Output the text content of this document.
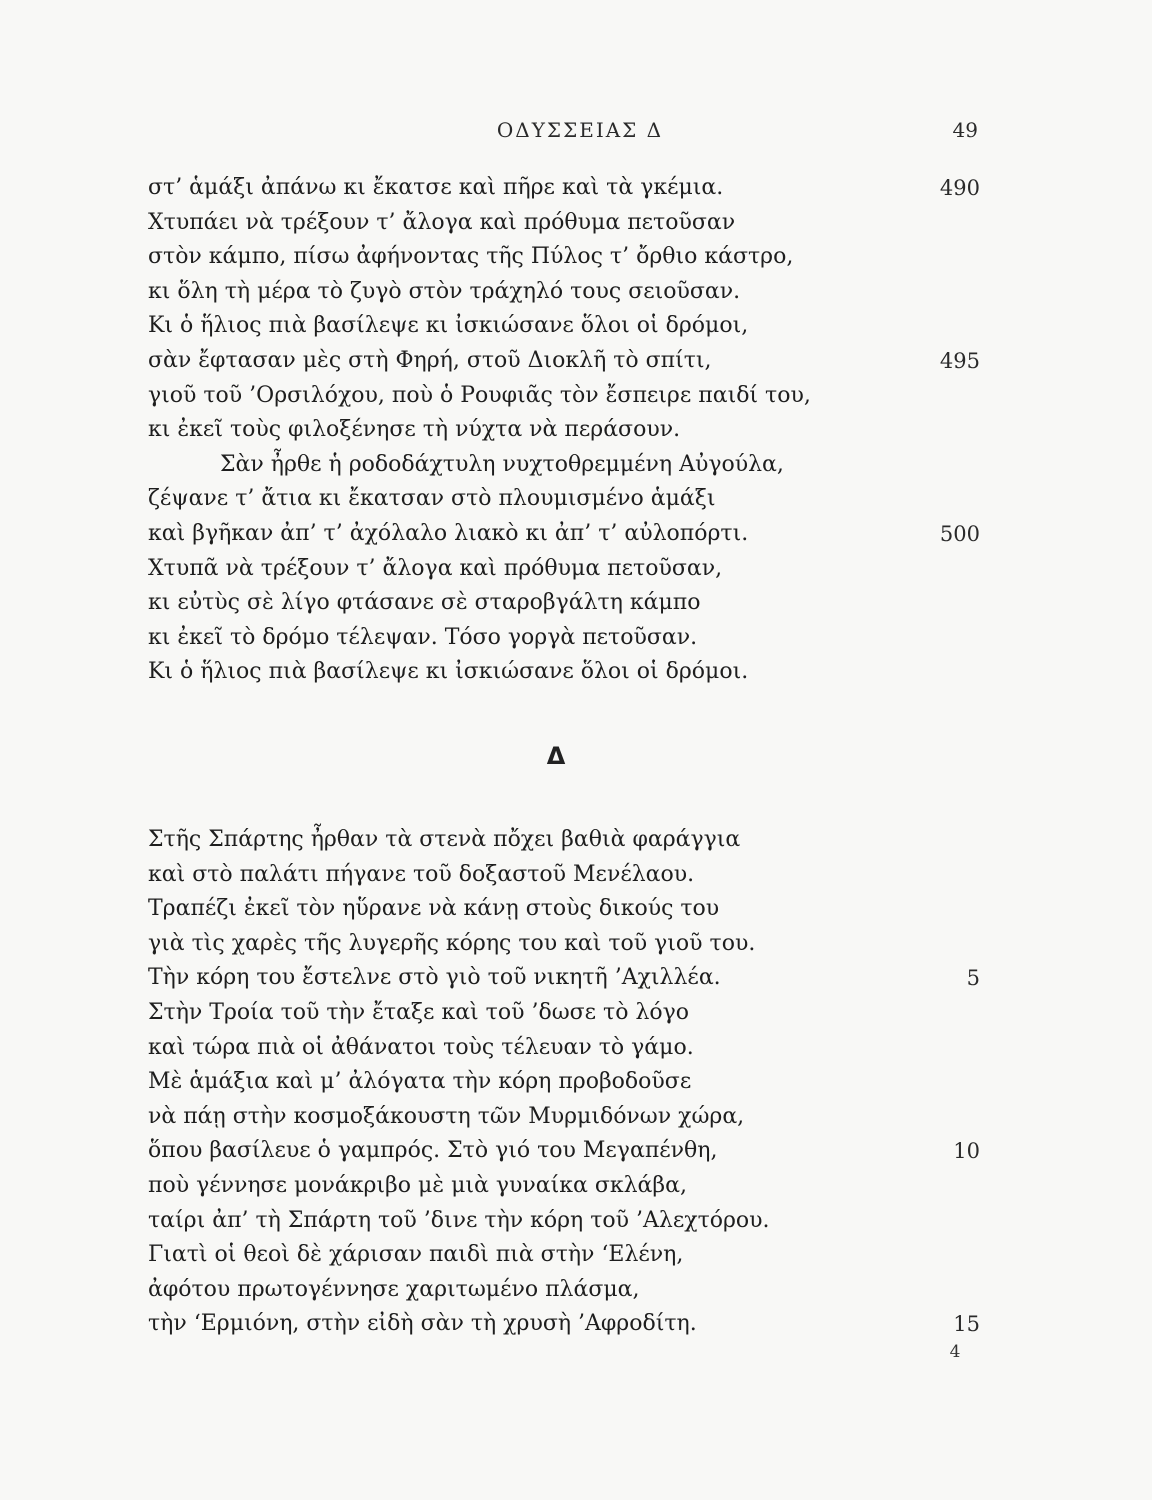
ΟΔΥΣΣΕΙΑΣ Δ	49
στ’ ἁμάξι ἀπάνω κι ἔκατσε καὶ πῆρε καὶ τὰ γκέμια.	490
Χτυπάει νὰ τρέξουν τ’ ἄλογα καὶ πρόθυμα πετοῦσαν
στὸν κάμπο, πίσω ἀφήνοντας τῆς Πύλος τ’ ὄρθιο κάστρο,
κι ὅλη τὴ μέρα τὸ ζυγὸ στὸν τράχηλό τους σειοῦσαν.
Κι ὁ ἥλιος πιὰ βασίλεψε κι ἰσκιώσανε ὅλοι οἱ δρόμοι,
σὰν ἔφτασαν μὲς στὴ Φηρή, στοῦ Διοκλῆ τὸ σπίτι,	495
γιοῦ τοῦ ’Ορσιλόχου, ποὺ ὁ Ρουφιᾶς τὸν ἔσπειρε παιδί του,
κι ἐκεῖ τοὺς φιλοξένησε τὴ νύχτα νὰ περάσουν.
Σὰν ἦρθε ἡ ροδοδάχτυλη νυχτοθρεμμένη Αὐγούλα,
ζέψανε τ’ ἄτια κι ἔκατσαν στὸ πλουμισμένο ἁμάξι
καὶ βγῆκαν ἀπ’ τ’ ἀχόλαλο λιακὸ κι ἀπ’ τ’ αὐλοπόρτι.	500
Χτυπᾶ νὰ τρέξουν τ’ ἄλογα καὶ πρόθυμα πετοῦσαν,
κι εὐτὺς σὲ λίγο φτάσανε σὲ σταροβγάλτη κάμπο
κι ἐκεῖ τὸ δρόμο τέλεψαν. Τόσο γοργὰ πετοῦσαν.
Κι ὁ ἥλιος πιὰ βασίλεψε κι ἰσκιώσανε ὅλοι οἱ δρόμοι.
Δ
Στῆς Σπάρτης ἦρθαν τὰ στενὰ πὄχει βαθιὰ φαράγγια
καὶ στὸ παλάτι πήγανε τοῦ δοξαστοῦ Μενέλαου.
Τραπέζι ἐκεῖ τὸν ηὕρανε νὰ κάνῃ στοὺς δικούς του
γιὰ τὶς χαρὲς τῆς λυγερῆς κόρης του καὶ τοῦ γιοῦ του.
Τὴν κόρη του ἔστελνε στὸ γιὸ τοῦ νικητῆ ’Αχιλλέα.	5
Στὴν Τροία τοῦ τὴν ἔταξε καὶ τοῦ ’δωσε τὸ λόγο
καὶ τώρα πιὰ οἱ ἀθάνατοι τοὺς τέλευαν τὸ γάμο.
Μὲ ἁμάξια καὶ μ’ ἀλόγατα τὴν κόρη προβοδοῦσε
νὰ πάῃ στὴν κοσμοξάκουστη τῶν Μυρμιδόνων χώρα,
ὅπου βασίλευε ὁ γαμπρός. Στὸ γιό του Μεγαπένθη,	10
ποὺ γέννησε μονάκριβο μὲ μιὰ γυναίκα σκλάβα,
ταίρι ἀπ’ τὴ Σπάρτη τοῦ ’δινε τὴν κόρη τοῦ ’Αλεχτόρου.
Γιατὶ οἱ θεοὶ δὲ χάρισαν παιδὶ πιὰ στὴν ‘Ελένη,
ἀφότου πρωτογέννησε χαριτωμένο πλάσμα,
τὴν ‘Ερμιόνη, στὴν εἰδὴ σὰν τὴ χρυσὴ ’Αφροδίτη.	15
4
